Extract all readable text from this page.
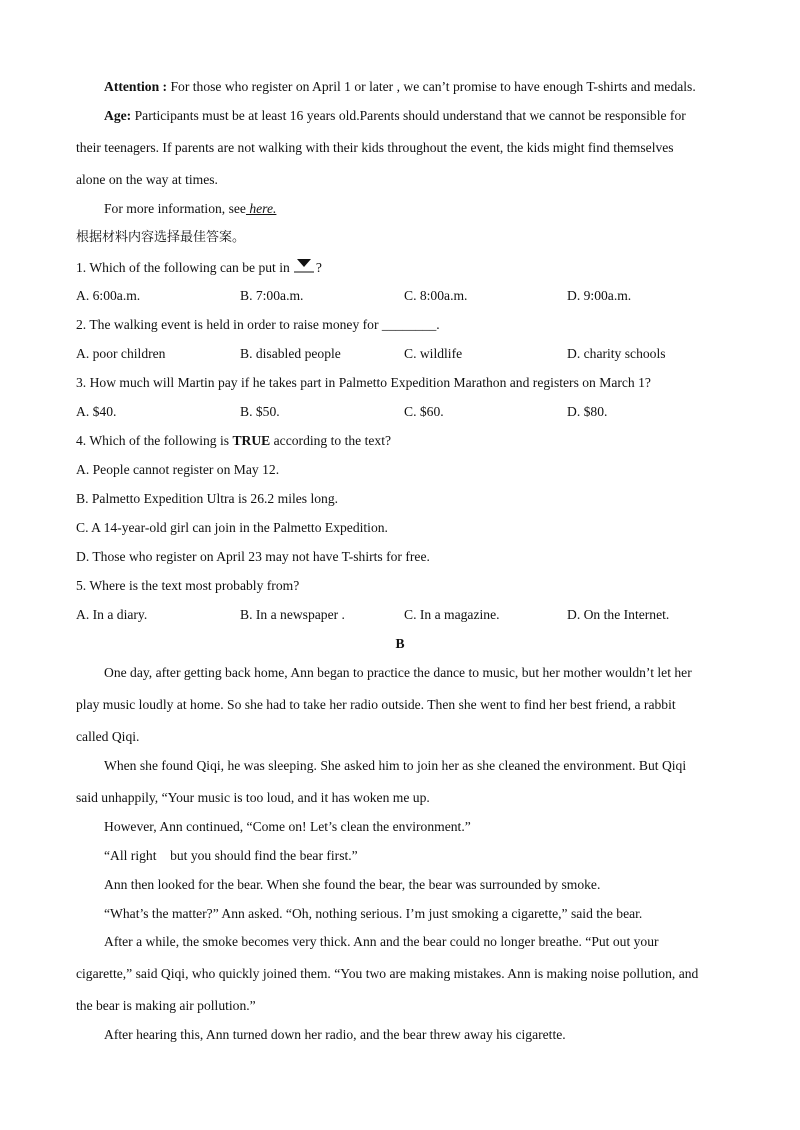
Attention : For those who register on April 1 or later , we can’t promise to have enough T-shirts and medals.
Age: Participants must be at least 16 years old.Parents should understand that we cannot be responsible for
their teenagers. If parents are not walking with their kids throughout the event, the kids might find themselves
alone on the way at times.
For more information, see here.
根据材料内容选择最佳答案。
1. Which of the following can be put in ?
A. 6:00a.m.	B. 7:00a.m.	C. 8:00a.m.	D. 9:00a.m.
2. The walking event is held in order to raise money for ________.
A. poor children	B. disabled people	C. wildlife	D. charity schools
3. How much will Martin pay if he takes part in Palmetto Expedition Marathon and registers on March 1?
A. $40.	B. $50.	C. $60.	D. $80.
4. Which of the following is TRUE according to the text?
A. People cannot register on May 12.
B. Palmetto Expedition Ultra is 26.2 miles long.
C. A 14-year-old girl can join in the Palmetto Expedition.
D. Those who register on April 23 may not have T-shirts for free.
5. Where is the text most probably from?
A. In a diary.	B. In a newspaper .	C. In a magazine.	D. On the Internet.
B
One day, after getting back home, Ann began to practice the dance to music, but her mother wouldn’t let her
play music loudly at home. So she had to take her radio outside. Then she went to find her best friend, a rabbit
called Qiqi.
When she found Qiqi, he was sleeping. She asked him to join her as she cleaned the environment. But Qiqi
said unhappily, “Your music is too loud, and it has woken me up.
However, Ann continued, “Come on! Let’s clean the environment.”
“All right　but you should find the bear first.”
Ann then looked for the bear. When she found the bear, the bear was surrounded by smoke.
“What’s the matter?” Ann asked. “Oh, nothing serious. I’m just smoking a cigarette,” said the bear.
After a while, the smoke becomes very thick. Ann and the bear could no longer breathe. “Put out your
cigarette,” said Qiqi, who quickly joined them. “You two are making mistakes. Ann is making noise pollution, and
the bear is making air pollution.”
After hearing this, Ann turned down her radio, and the bear threw away his cigarette.
